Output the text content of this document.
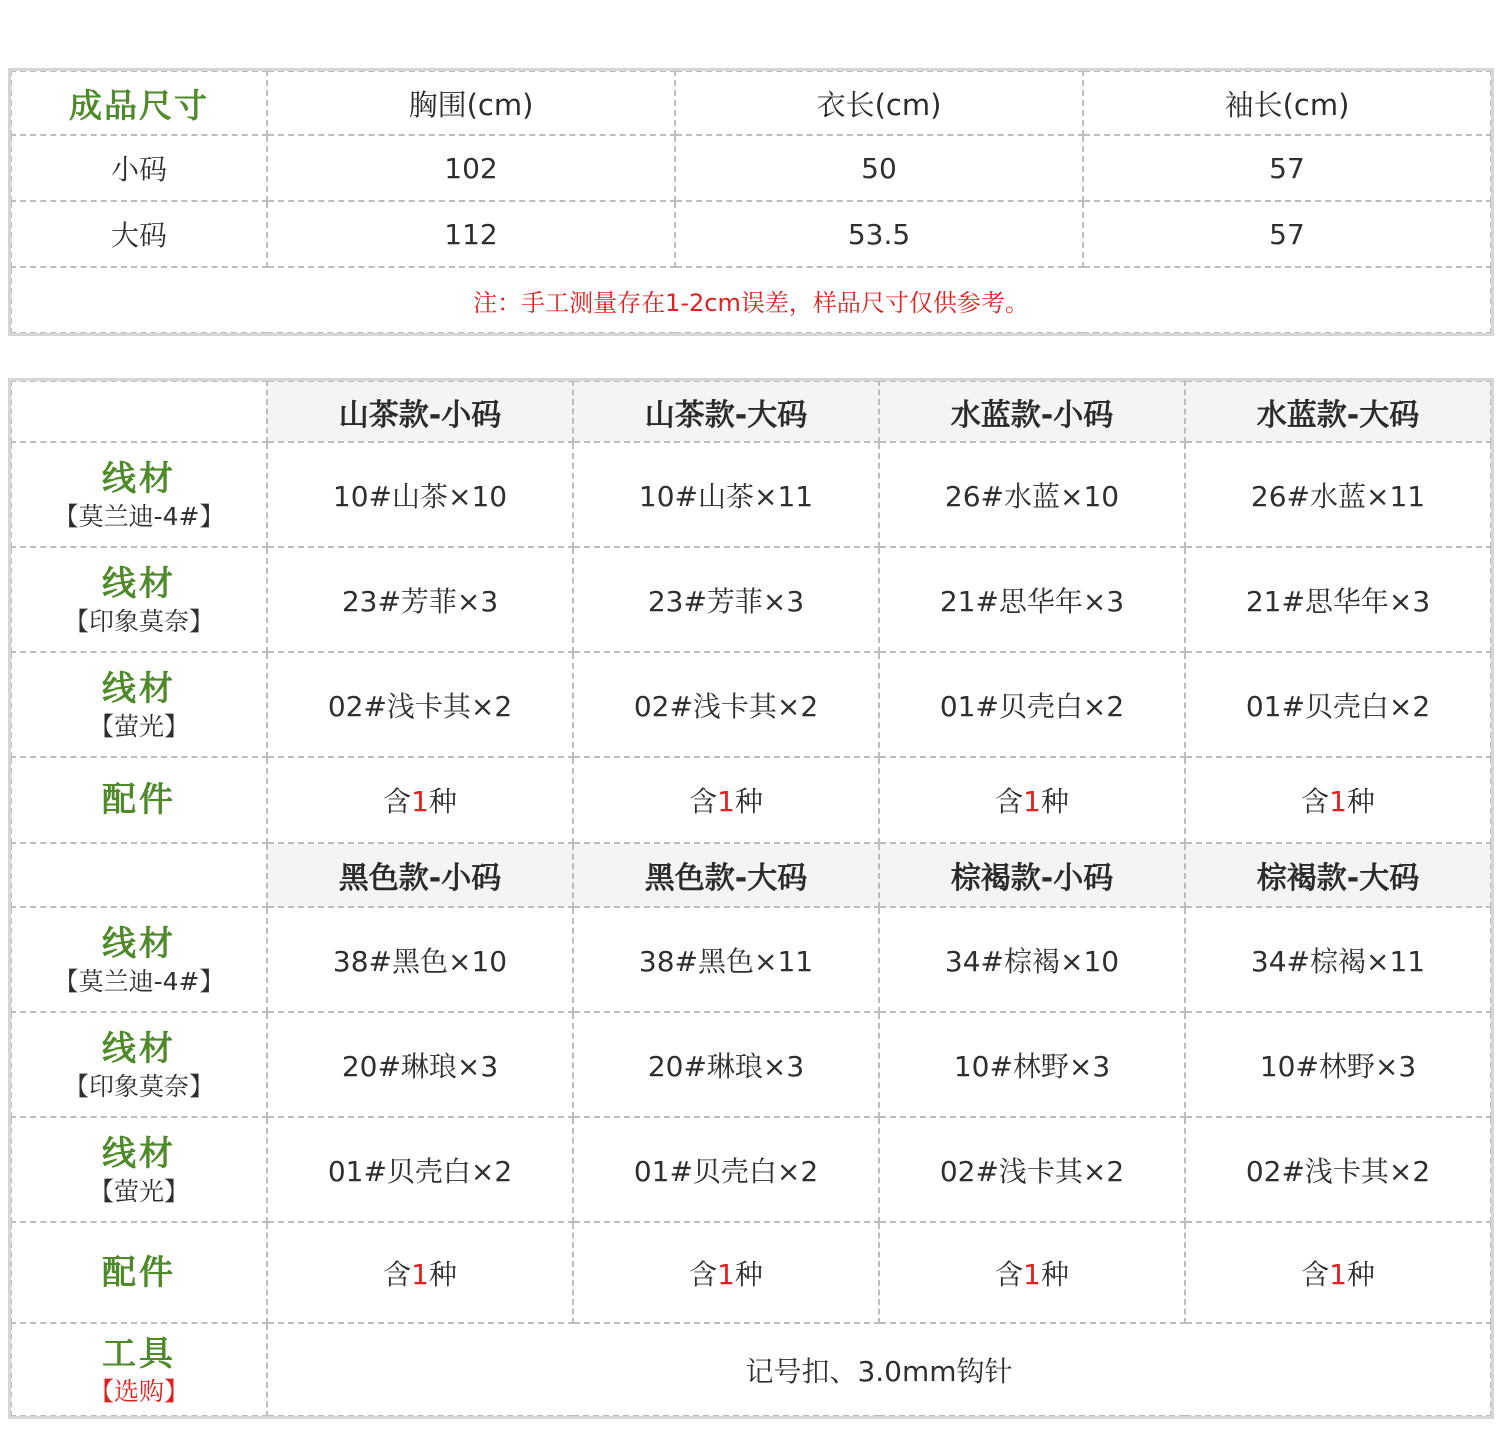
成品尺寸	胸围(cm)	衣长(cm)	袖长(cm)
小码	102	50	57
大码	112	53.5	57
注：手工测量存在1-2cm误差，样品尺寸仅供参考。			
	山茶款-小码	山茶款-大码	水蓝款-小码	水蓝款-大码

线材
【莫兰迪-4#】	10#山茶×10	10#山茶×11	26#水蓝×10	26#水蓝×11

线材
【印象莫奈】	23#芳菲×3	23#芳菲×3	21#思华年×3	21#思华年×3

线材
【萤光】	02#浅卡其×2	02#浅卡其×2	01#贝壳白×2	01#贝壳白×2

配件	含1种	含1种	含1种	含1种
	黑色款-小码	黑色款-大码	棕褐款-小码	棕褐款-大码

线材
【莫兰迪-4#】	38#黑色×10	38#黑色×11	34#棕褐×10	34#棕褐×11

线材
【印象莫奈】	20#琳琅×3	20#琳琅×3	10#林野×3	10#林野×3

线材
【萤光】	01#贝壳白×2	01#贝壳白×2	02#浅卡其×2	02#浅卡其×2

配件	含1种	含1种	含1种	含1种

工具
【选购】	记号扣、3.0mm钩针			
